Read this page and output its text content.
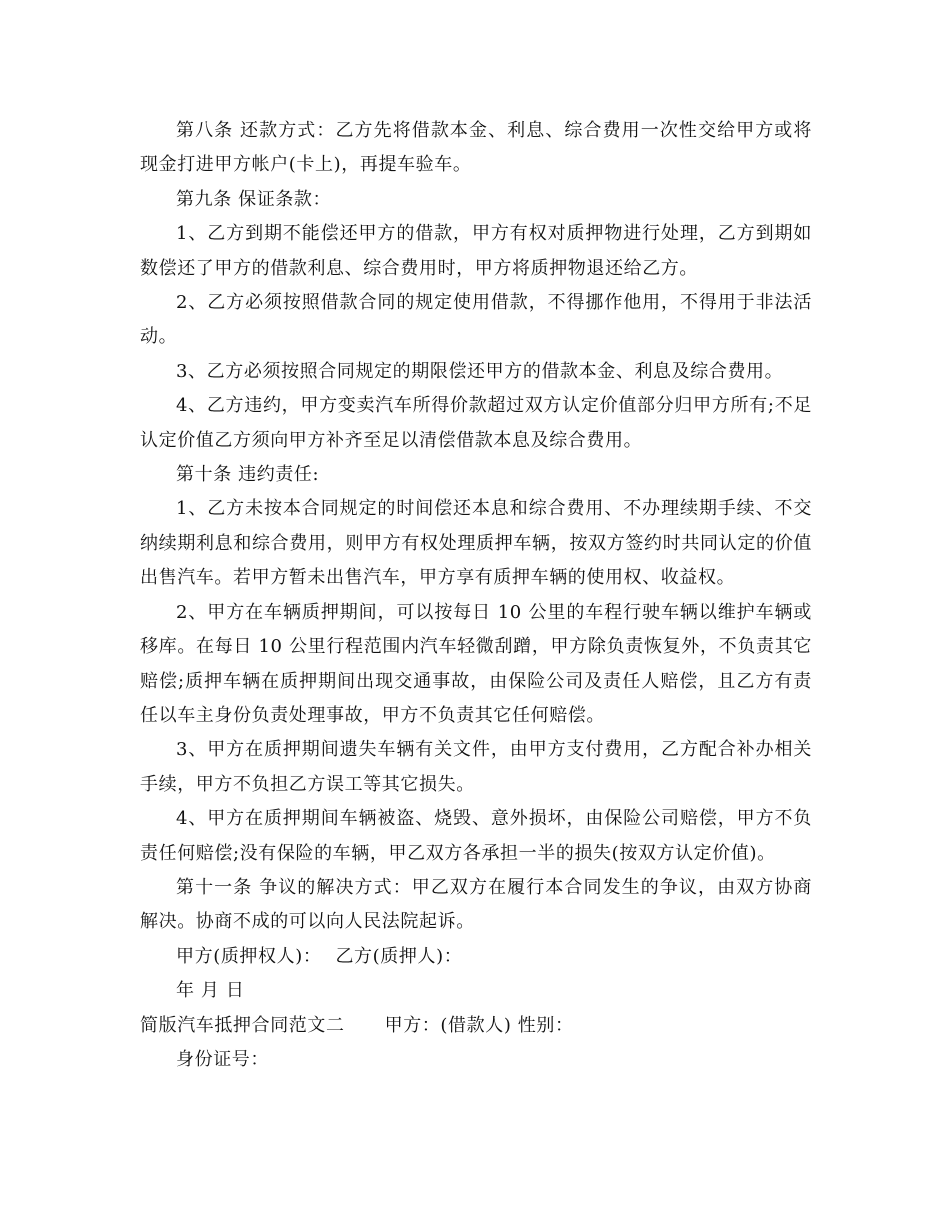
第八条 还款方式：乙方先将借款本金、利息、综合费用一次性交给甲方或将现金打进甲方帐户(卡上)，再提车验车。

第九条 保证条款：

1、乙方到期不能偿还甲方的借款，甲方有权对质押物进行处理，乙方到期如数偿还了甲方的借款利息、综合费用时，甲方将质押物退还给乙方。

2、乙方必须按照借款合同的规定使用借款，不得挪作他用，不得用于非法活动。

3、乙方必须按照合同规定的期限偿还甲方的借款本金、利息及综合费用。

4、乙方违约，甲方变卖汽车所得价款超过双方认定价值部分归甲方所有;不足认定价值乙方须向甲方补齐至足以清偿借款本息及综合费用。

第十条 违约责任:

1、乙方未按本合同规定的时间偿还本息和综合费用、不办理续期手续、不交纳续期利息和综合费用，则甲方有权处理质押车辆，按双方签约时共同认定的价值出售汽车。若甲方暂未出售汽车，甲方享有质押车辆的使用权、收益权。

2、甲方在车辆质押期间，可以按每日 10 公里的车程行驶车辆以维护车辆或移库。在每日 10 公里行程范围内汽车轻微刮蹭，甲方除负责恢复外，不负责其它赔偿;质押车辆在质押期间出现交通事故，由保险公司及责任人赔偿，且乙方有责任以车主身份负责处理事故，甲方不负责其它任何赔偿。

3、甲方在质押期间遗失车辆有关文件，由甲方支付费用，乙方配合补办相关手续，甲方不负担乙方误工等其它损失。

4、甲方在质押期间车辆被盗、烧毁、意外损坏，由保险公司赔偿，甲方不负责任何赔偿;没有保险的车辆，甲乙双方各承担一半的损失(按双方认定价值)。

第十一条 争议的解决方式：甲乙双方在履行本合同发生的争议，由双方协商解决。协商不成的可以向人民法院起诉。

甲方(质押权人)： 乙方(质押人)：

年 月 日

简版汽车抵押合同范文二 甲方：(借款人) 性别：

身份证号：
